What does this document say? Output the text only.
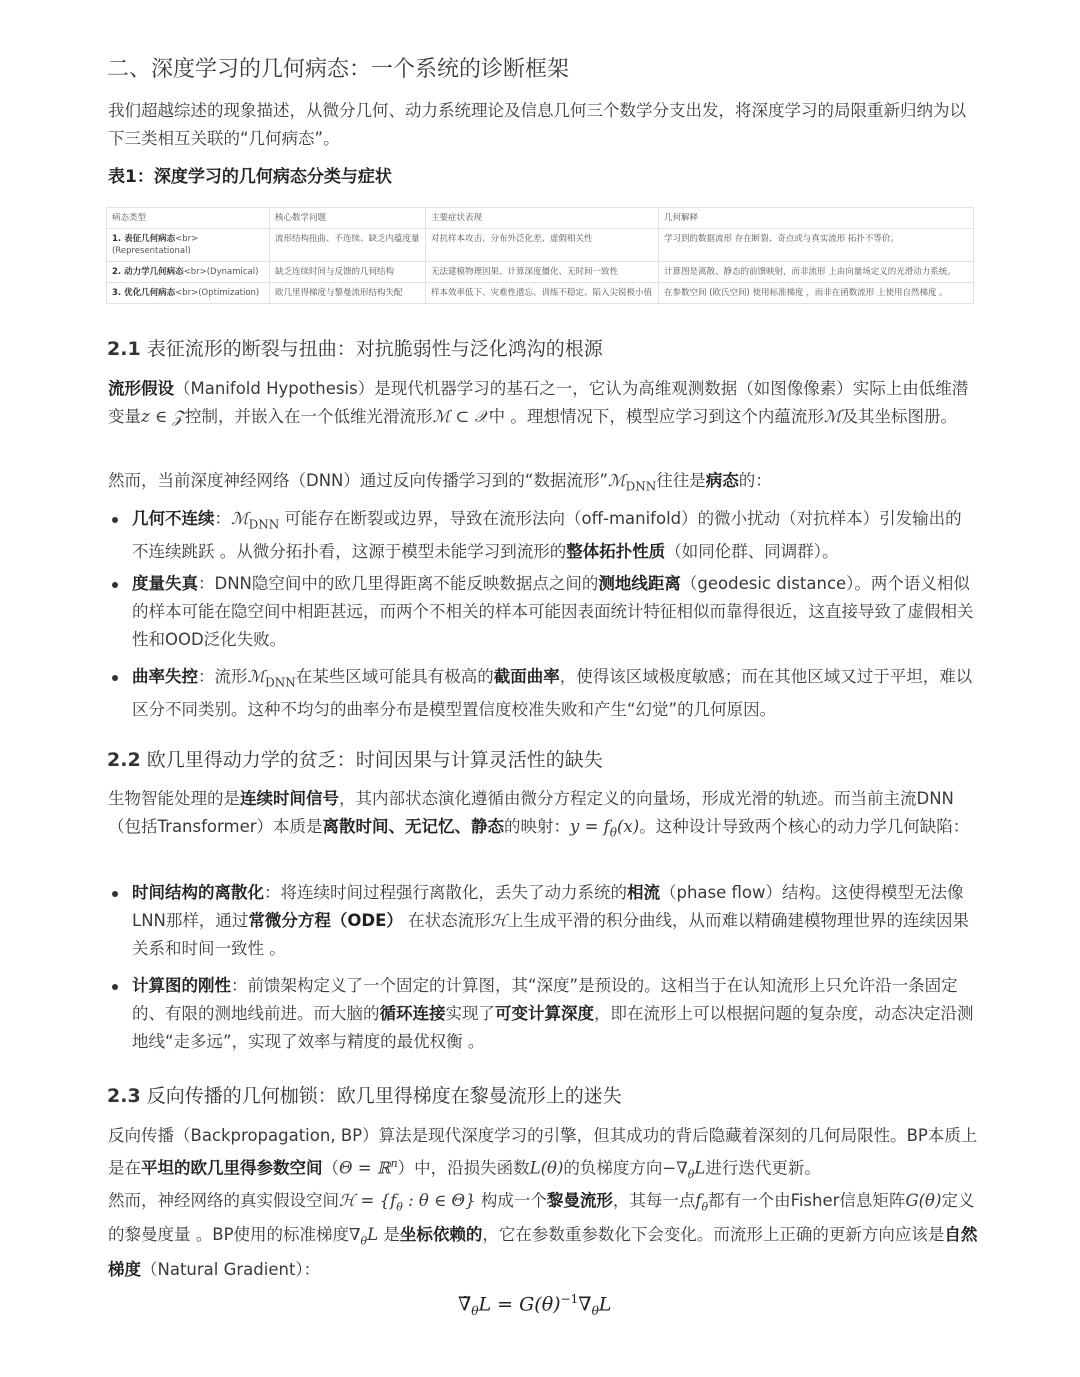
二、深度学习的几何病态：一个系统的诊断框架
我们超越综述的现象描述，从微分几何、动力系统理论及信息几何三个数学分支出发，将深度学习的局限重新归纳为以下三类相互关联的“几何病态”。
表1：深度学习的几何病态分类与症状
病态类型	核心数学问题	主要症状表现	几何解释
1. 表征几何病态<br>(Representational)	流形结构扭曲、不连续、缺乏内蕴度量	对抗样本攻击、分布外泛化差、虚假相关性	学习到的数据流形 存在断裂、奇点或与真实流形 拓扑不等价。
2. 动力学几何病态<br>(Dynamical)	缺乏连续时间与反馈的几何结构	无法建模物理因果、计算深度僵化、无时间一致性	计算图是离散、静态的前馈映射，而非流形 上由向量场定义的光滑动力系统。
3. 优化几何病态<br>(Optimization)	欧几里得梯度与黎曼流形结构失配	样本效率低下、灾难性遗忘、训练不稳定、陷入尖锐极小值	在参数空间 (欧氏空间) 使用标准梯度 ，而非在函数流形 上使用自然梯度 。
2.1 表征流形的断裂与扭曲：对抗脆弱性与泛化鸿沟的根源
流形假设（Manifold Hypothesis）是现代机器学习的基石之一，它认为高维观测数据（如图像像素）实际上由低维潜变量z ∈ 𝒵控制，并嵌入在一个低维光滑流形ℳ ⊂ 𝒳中 。理想情况下，模型应学习到这个内蕴流形ℳ及其坐标图册。
然而，当前深度神经网络（DNN）通过反向传播学习到的“数据流形”ℳ$_{DNN}$往往是病态的：
几何不连续：ℳ$_{DNN}$ 可能存在断裂或边界，导致在流形法向（off-manifold）的微小扰动（对抗样本）引发输出的不连续跳跃 。从微分拓扑看，这源于模型未能学习到流形的整体拓扑性质（如同伦群、同调群）。
度量失真：DNN隐空间中的欧几里得距离不能反映数据点之间的测地线距离（geodesic distance）。两个语义相似的样本可能在隐空间中相距甚远，而两个不相关的样本可能因表面统计特征相似而靠得很近，这直接导致了虚假相关性和OOD泛化失败。
曲率失控：流形ℳ$_{DNN}$在某些区域可能具有极高的截面曲率，使得该区域极度敏感；而在其他区域又过于平坦，难以区分不同类别。这种不均匀的曲率分布是模型置信度校准失败和产生“幻觉”的几何原因。
2.2 欧几里得动力学的贫乏：时间因果与计算灵活性的缺失
生物智能处理的是连续时间信号，其内部状态演化遵循由微分方程定义的向量场，形成光滑的轨迹。而当前主流DNN（包括Transformer）本质是离散时间、无记忆、静态的映射：$y = f_\theta(x)$。这种设计导致两个核心的动力学几何缺陷：
时间结构的离散化：将连续时间过程强行离散化，丢失了动力系统的相流（phase flow）结构。这使得模型无法像LNN那样，通过常微分方程（ODE） 在状态流形ℋ上生成平滑的积分曲线，从而难以精确建模物理世界的连续因果关系和时间一致性 。
计算图的刚性：前馈架构定义了一个固定的计算图，其“深度”是预设的。这相当于在认知流形上只允许沿一条固定的、有限的测地线前进。而大脑的循环连接实现了可变计算深度，即在流形上可以根据问题的复杂度，动态决定沿测地线“走多远”，实现了效率与精度的最优权衡 。
2.3 反向传播的几何枷锁：欧几里得梯度在黎曼流形上的迷失
反向传播（Backpropagation, BP）算法是现代深度学习的引擎，但其成功的背后隐藏着深刻的几何局限性。BP本质上是在平坦的欧几里得参数空间（Θ = ℝ$^n$）中，沿损失函数L(θ)的负梯度方向$-\nabla_\theta L$进行迭代更新。
然而，神经网络的真实假设空间ℋ = {$f_\theta$ : θ ∈ Θ} 构成一个黎曼流形，其每一点$f_\theta$都有一个由Fisher信息矩阵G(θ)定义的黎曼度量 。BP使用的标准梯度$\nabla_\theta L$ 是坐标依赖的，它在参数重参数化下会变化。而流形上正确的更新方向应该是自然梯度（Natural Gradient）：
$\nablã_\theta L = G(\theta)^{-1}\nabla_\theta L$
